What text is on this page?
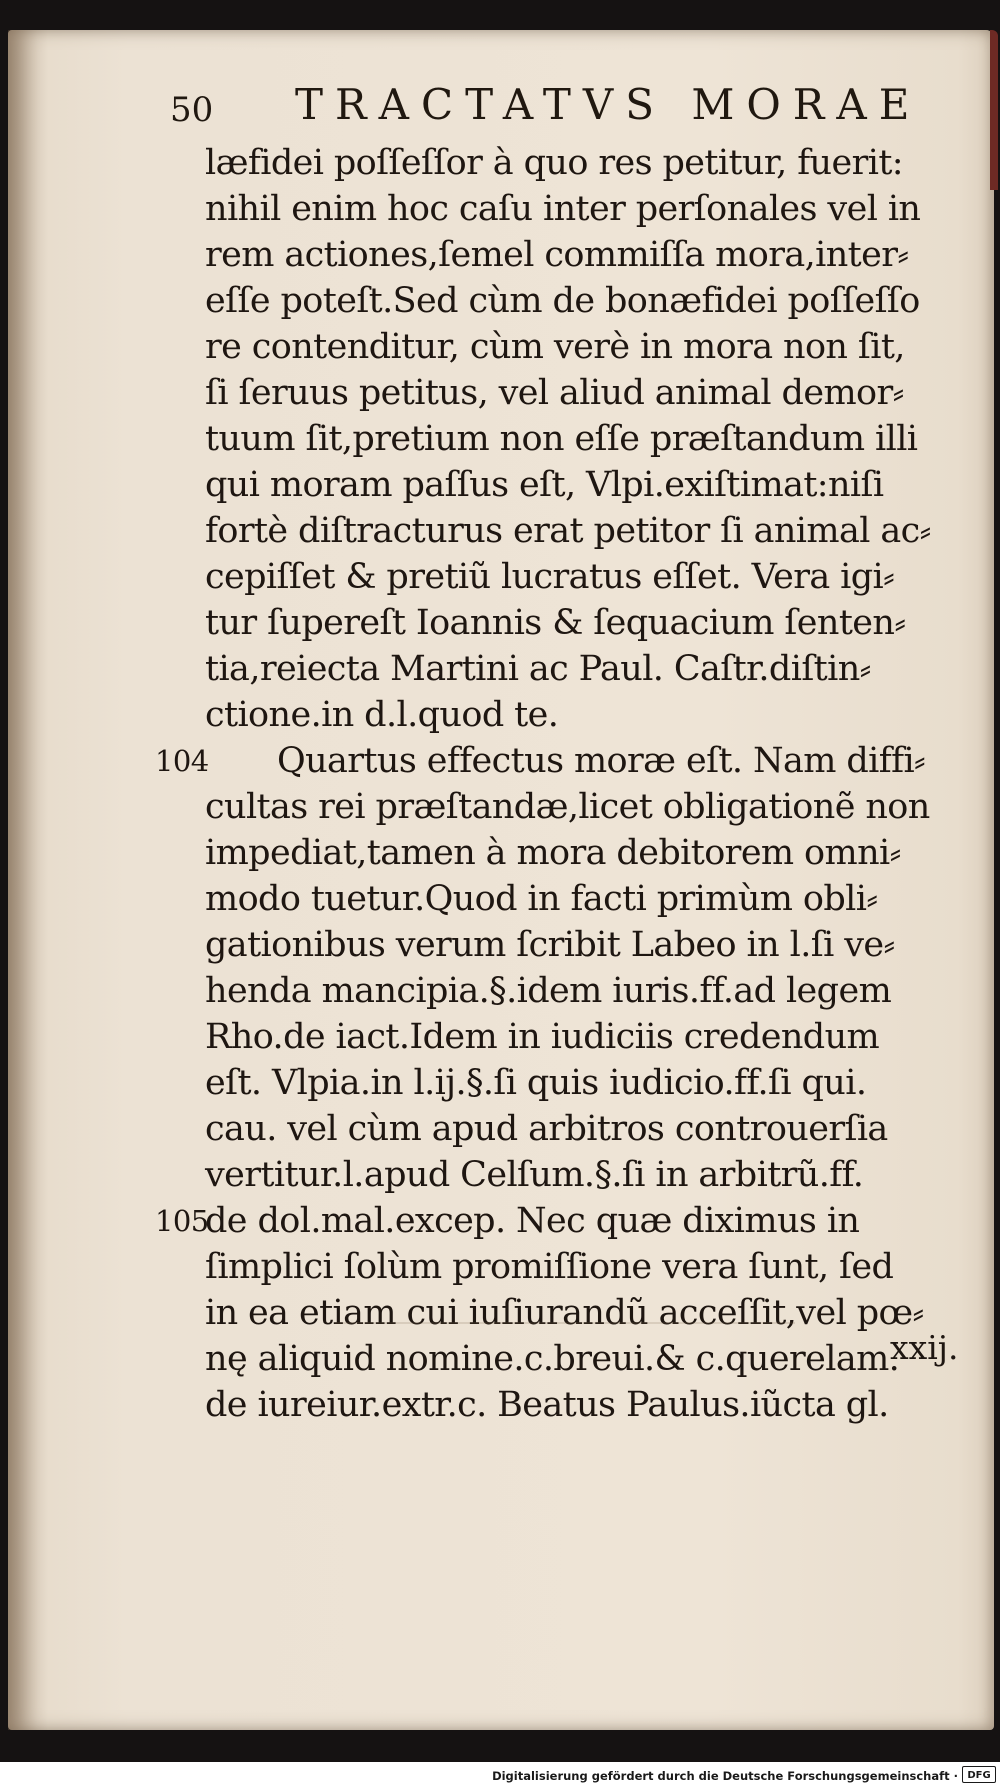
50 TRACTATVS MORAE
læfidei poſſeſſor à quo res petitur, fuerit:
nihil enim hoc caſu inter perſonales vel in
rem actiones,ſemel commiſſa mora,inter⸗
eſſe poteſt.Sed cùm de bonæfidei poſſeſſo
re contenditur, cùm verè in mora non ſit,
ſi ſeruus petitus, vel aliud animal demor⸗
tuum ſit,pretium non eſſe præſtandum illi
qui moram paſſus eſt, Vlpi.exiſtimat:niſi
fortè diſtracturus erat petitor ſi animal ac⸗
cepiſſet & pretiũ lucratus eſſet. Vera igi⸗
tur ſupereſt Ioannis & ſequacium ſenten⸗
tia,reiecta Martini ac Paul. Caſtr.diſtin⸗
ctione.in d.l.quod te.
104 Quartus effectus moræ eſt. Nam diffi⸗
cultas rei præſtandæ,licet obligationẽ non
impediat,tamen à mora debitorem omni⸗
modo tuetur.Quod in facti primùm obli⸗
gationibus verum ſcribit Labeo in l.ſi ve⸗
henda mancipia.§.idem iuris.ff.ad legem
Rho.de iact.Idem in iudiciis credendum
eſt. Vlpia.in l.ij.§.ſi quis iudicio.ff.ſi qui.
cau. vel cùm apud arbitros controuerſia
vertitur.l.apud Celſum.§.ſi in arbitrũ.ff.
105
de dol.mal.excep. Nec quæ diximus in
ſimplici ſolùm promiſſione vera ſunt, ſed
in ea etiam cui iuſiurandũ acceſſit,vel pœ⸗
nę aliquid nomine.c.breui.& c.querelam.
de iureiur.extr.c. Beatus Paulus.iũcta gl.
xxij.
Digitalisierung gefördert durch die Deutsche Forschungsgemeinschaft · DFG
